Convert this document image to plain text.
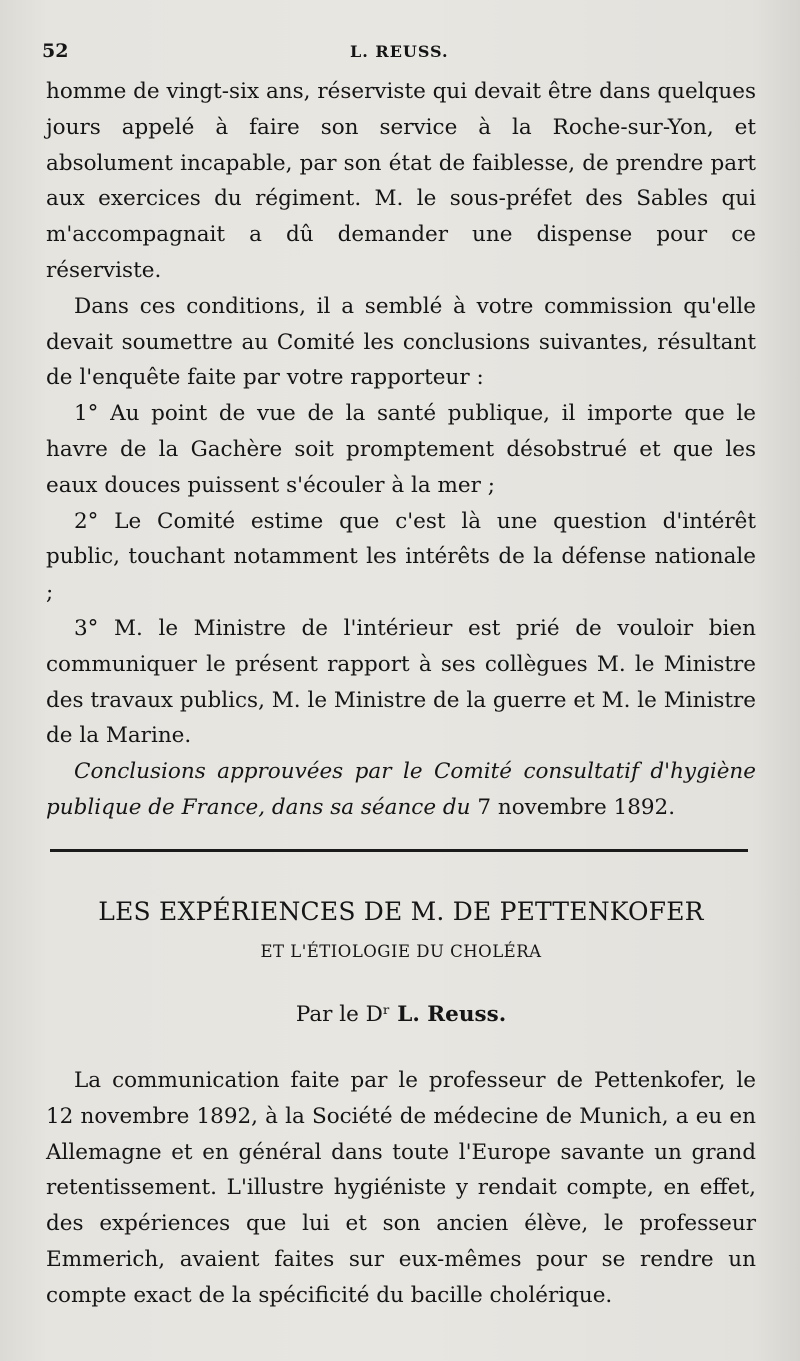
52	L. REUSS.

homme de vingt-six ans, réserviste qui devait être dans quelques jours appelé à faire son service à la Roche-sur-Yon, et absolument incapable, par son état de faiblesse, de prendre part aux exercices du régiment. M. le sous-préfet des Sables qui m'accompagnait a dû demander une dispense pour ce réserviste.

Dans ces conditions, il a semblé à votre commission qu'elle devait soumettre au Comité les conclusions suivantes, résultant de l'enquête faite par votre rapporteur :

1° Au point de vue de la santé publique, il importe que le havre de la Gachère soit promptement désobstrué et que les eaux douces puissent s'écouler à la mer ;

2° Le Comité estime que c'est là une question d'intérêt public, touchant notamment les intérêts de la défense nationale ;

3° M. le Ministre de l'intérieur est prié de vouloir bien communiquer le présent rapport à ses collègues M. le Ministre des travaux publics, M. le Ministre de la guerre et M. le Ministre de la Marine.

Conclusions approuvées par le Comité consultatif d'hygiène publique de France, dans sa séance du 7 novembre 1892.

LES EXPÉRIENCES DE M. DE PETTENKOFER
ET L'ÉTIOLOGIE DU CHOLÉRA
Par le Dʳ L. Reuss.

La communication faite par le professeur de Pettenkofer, le 12 novembre 1892, à la Société de médecine de Munich, a eu en Allemagne et en général dans toute l'Europe savante un grand retentissement. L'illustre hygiéniste y rendait compte, en effet, des expériences que lui et son ancien élève, le professeur Emmerich, avaient faites sur eux-mêmes pour se rendre un compte exact de la spécificité du bacille cholérique.
